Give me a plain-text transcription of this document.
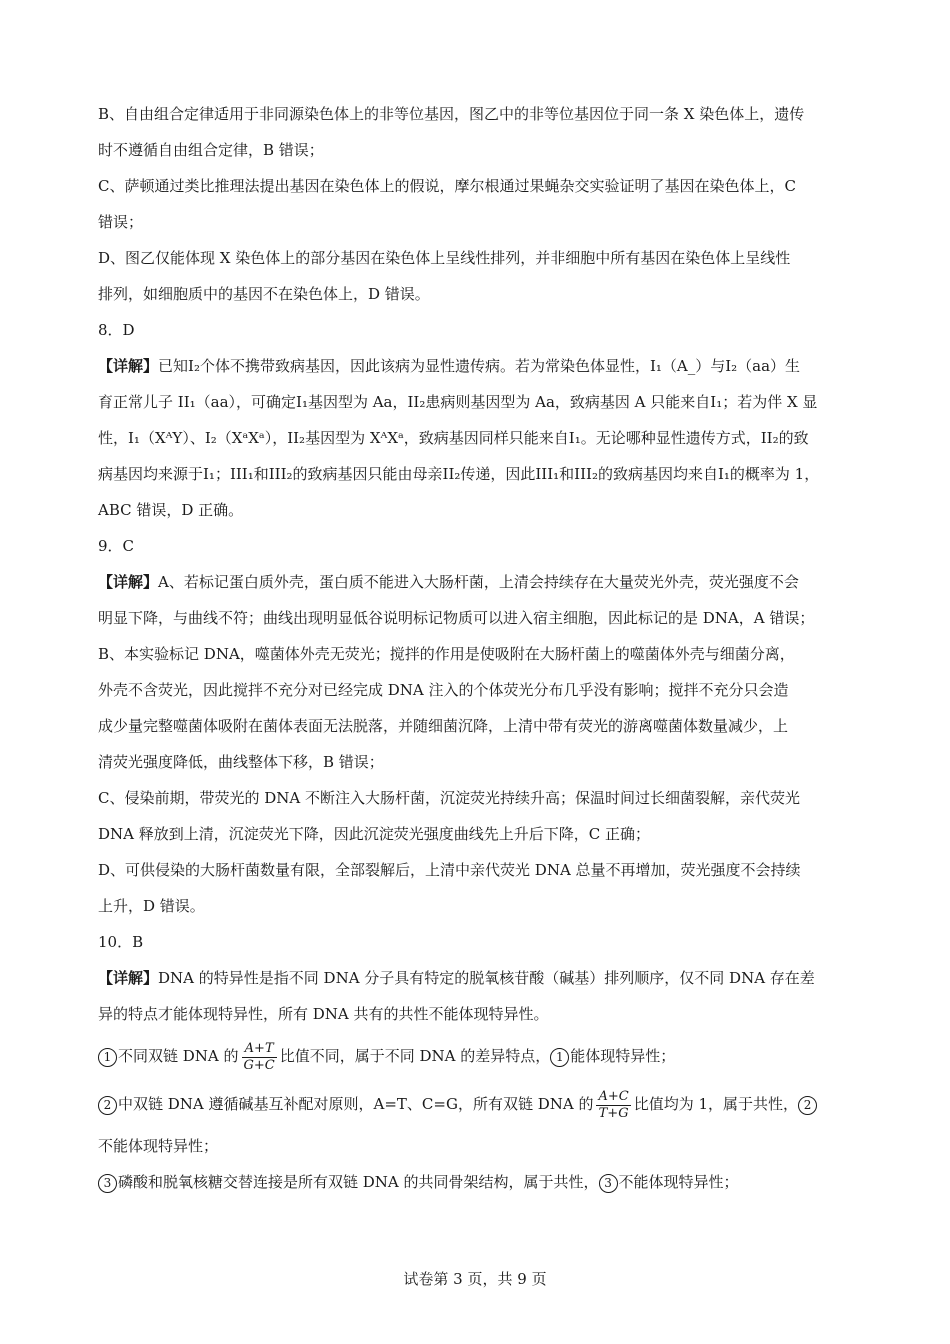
B、自由组合定律适用于非同源染色体上的非等位基因，图乙中的非等位基因位于同一条 X 染色体上，遗传

时不遵循自由组合定律，B 错误；

C、萨顿通过类比推理法提出基因在染色体上的假说，摩尔根通过果蝇杂交实验证明了基因在染色体上，C

错误；

D、图乙仅能体现 X 染色体上的部分基因在染色体上呈线性排列，并非细胞中所有基因在染色体上呈线性

排列，如细胞质中的基因不在染色体上，D 错误。

8．D

【详解】已知I₂个体不携带致病基因，因此该病为显性遗传病。若为常染色体显性，I₁（A_）与I₂（aa）生

育正常儿子 II₁（aa），可确定I₁基因型为 Aa，II₂患病则基因型为 Aa，致病基因 A 只能来自I₁；若为伴 X 显

性，I₁（XᴬY）、I₂（XᵃXᵃ），II₂基因型为 XᴬXᵃ，致病基因同样只能来自I₁。无论哪种显性遗传方式，II₂的致

病基因均来源于I₁；III₁和III₂的致病基因只能由母亲II₂传递，因此III₁和III₂的致病基因均来自I₁的概率为 1，

ABC 错误，D 正确。

9．C

【详解】A、若标记蛋白质外壳，蛋白质不能进入大肠杆菌，上清会持续存在大量荧光外壳，荧光强度不会

明显下降，与曲线不符；曲线出现明显低谷说明标记物质可以进入宿主细胞，因此标记的是 DNA，A 错误；

B、本实验标记 DNA，噬菌体外壳无荧光；搅拌的作用是使吸附在大肠杆菌上的噬菌体外壳与细菌分离，

外壳不含荧光，因此搅拌不充分对已经完成 DNA 注入的个体荧光分布几乎没有影响；搅拌不充分只会造

成少量完整噬菌体吸附在菌体表面无法脱落，并随细菌沉降，上清中带有荧光的游离噬菌体数量减少，上

清荧光强度降低，曲线整体下移，B 错误；

C、侵染前期，带荧光的 DNA 不断注入大肠杆菌，沉淀荧光持续升高；保温时间过长细菌裂解，亲代荧光

DNA 释放到上清，沉淀荧光下降，因此沉淀荧光强度曲线先上升后下降，C 正确；

D、可供侵染的大肠杆菌数量有限，全部裂解后，上清中亲代荧光 DNA 总量不再增加，荧光强度不会持续

上升，D 错误。

10．B

【详解】DNA 的特异性是指不同 DNA 分子具有特定的脱氧核苷酸（碱基）排列顺序，仅不同 DNA 存在差

异的特点才能体现特异性，所有 DNA 共有的共性不能体现特异性。

1 不同双链 DNA 的 $\frac{A+T}{G+C}$ 比值不同，属于不同 DNA 的差异特点， 1 能体现特异性；

2 中双链 DNA 遵循碱基互补配对原则，A=T、C=G，所有双链 DNA 的 $\frac{A+C}{T+G}$ 比值均为 1，属于共性， 2

不能体现特异性；

3 磷酸和脱氧核糖交替连接是所有双链 DNA 的共同骨架结构，属于共性， 3 不能体现特异性；

试卷第 3 页，共 9 页
